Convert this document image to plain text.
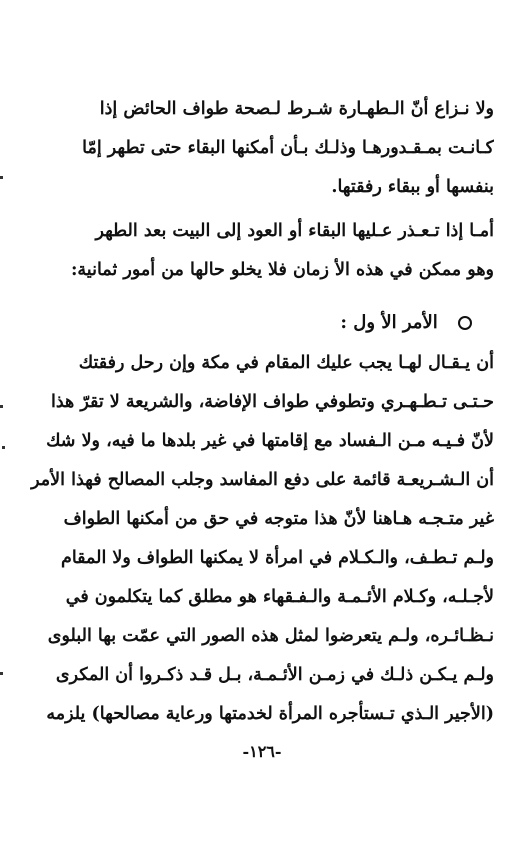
ولا نـزاع أنّ الـطهـارة شـرط لـصحة طواف الحائض إذا
كـانـت بمـقـدورهـا وذلـك بـأن أمكنها البقاء حتى تطهر إمّا
بنفسها أو ببقاء رفقتها.
أمـا إذا تـعـذر عـليها البقاء أو العود إلى البيت بعد الطهر
وهو ممكن في هذه الأ زمان فلا يخلو حالها من أمور ثمانية:
الأمر الأ ول :
أن يـقـال لهـا يجب عليك المقام في مكة وإن رحل رفقتك
حـتـى تـطـهـري وتطوفي طواف الإفاضة، والشريعة لا تقرّ هذا
لأنّ فـيـه مـن الـفساد مع إقامتها في غير بلدها ما فيه، ولا شك
أن الـشـريعـة قائمة على دفع المفاسد وجلب المصالح فهذا الأمر
غير متـجـه هـاهنا لأنّ هذا متوجه في حق من أمكنها الطواف
ولـم تـطـف، والـكـلام في امرأة لا يمكنها الطواف ولا المقام
لأجـلـه، وكـلام الأئـمـة والـفـقهاء هو مطلق كما يتكلمون في
نـظـائـره، ولـم يتعرضوا لمثل هذه الصور التي عمّت بها البلوى
ولـم يـكـن ذلـك في زمـن الأئـمـة، بـل قـد ذكـروا أن المكرى
(الأجير الـذي تـستأجره المرأة لخدمتها ورعاية مصالحها) يلزمه
-١٢٦-
